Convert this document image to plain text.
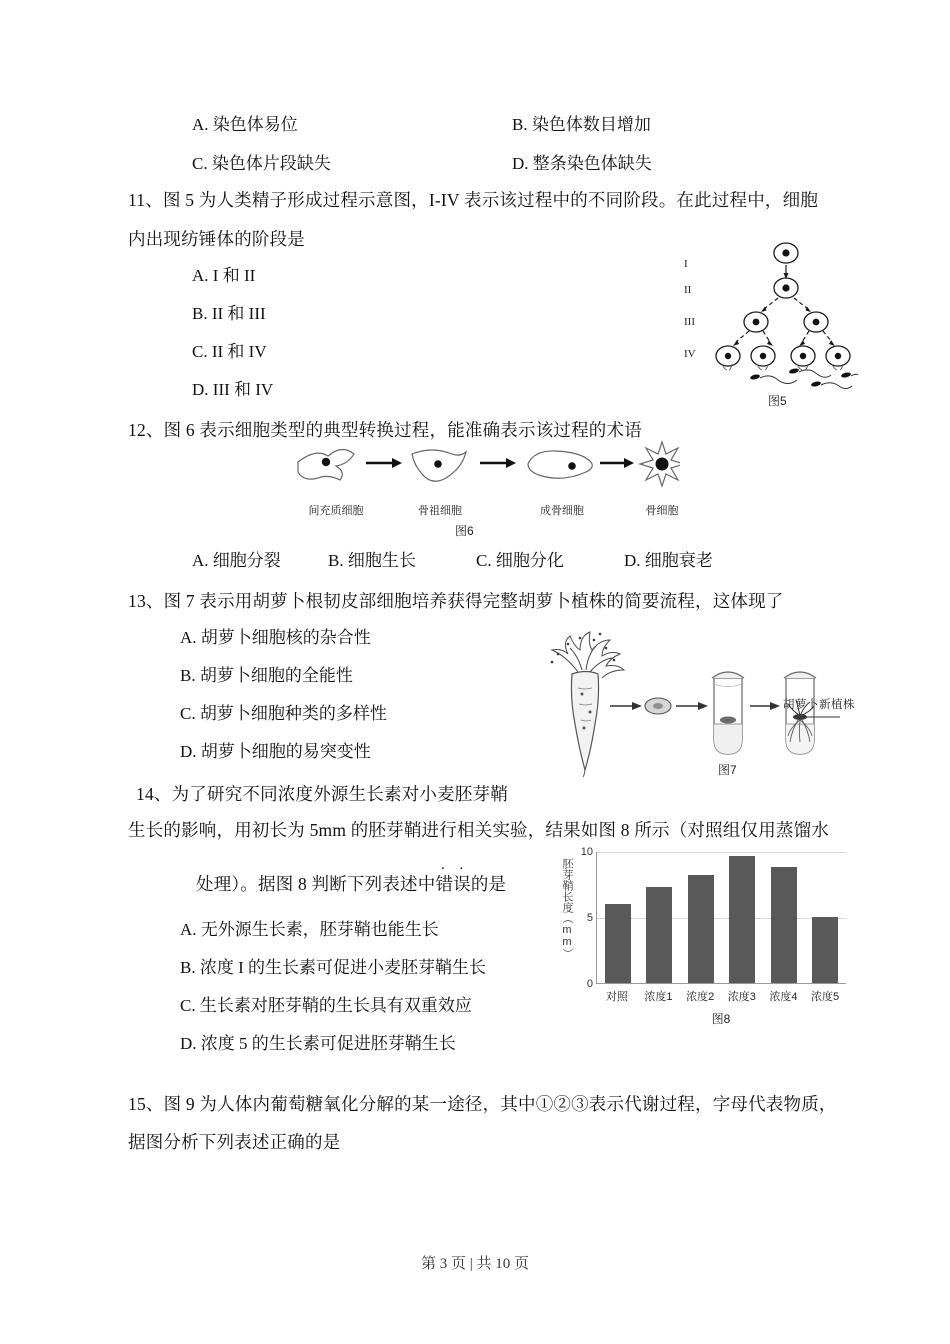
A. 染色体易位	B. 染色体数目增加
C. 染色体片段缺失	D. 整条染色体缺失
11、图 5 为人类精子形成过程示意图，I-IV 表示该过程中的不同阶段。在此过程中，细胞
内出现纺锤体的阶段是
A. I 和 II
B. II 和 III
C. II 和 IV
D. III 和 IV
I
II
III
IV
图5
12、图 6 表示细胞类型的典型转换过程，能准确表示该过程的术语
间充质细胞	骨祖细胞	成骨细胞	骨细胞
图6
A. 细胞分裂	B. 细胞生长	C. 细胞分化	D. 细胞衰老
13、图 7 表示用胡萝卜根韧皮部细胞培养获得完整胡萝卜植株的简要流程，这体现了
A. 胡萝卜细胞核的杂合性
B. 胡萝卜细胞的全能性
C. 胡萝卜细胞种类的多样性
D. 胡萝卜细胞的易突变性
胡萝卜新植株
图7
14、为了研究不同浓度外源生长素对小麦胚芽鞘
生长的影响，用初长为 5mm 的胚芽鞘进行相关实验，结果如图 8 所示（对照组仅用蒸馏水
处理）。据图 8 判断下列表述中·  · 错误的是
A. 无外源生长素，胚芽鞘也能生长
B. 浓度 I 的生长素可促进小麦胚芽鞘生长
C. 生长素对胚芽鞘的生长具有双重效应
D. 浓度 5 的生长素可促进胚芽鞘生长
胚芽鞘长度（mm）
10
5
0
对照	浓度1	浓度2	浓度3	浓度4	浓度5
图8
15、图 9 为人体内葡萄糖氧化分解的某一途径，其中①②③表示代谢过程，字母代表物质，
据图分析下列表述正确的是
第 3 页 | 共 10 页
